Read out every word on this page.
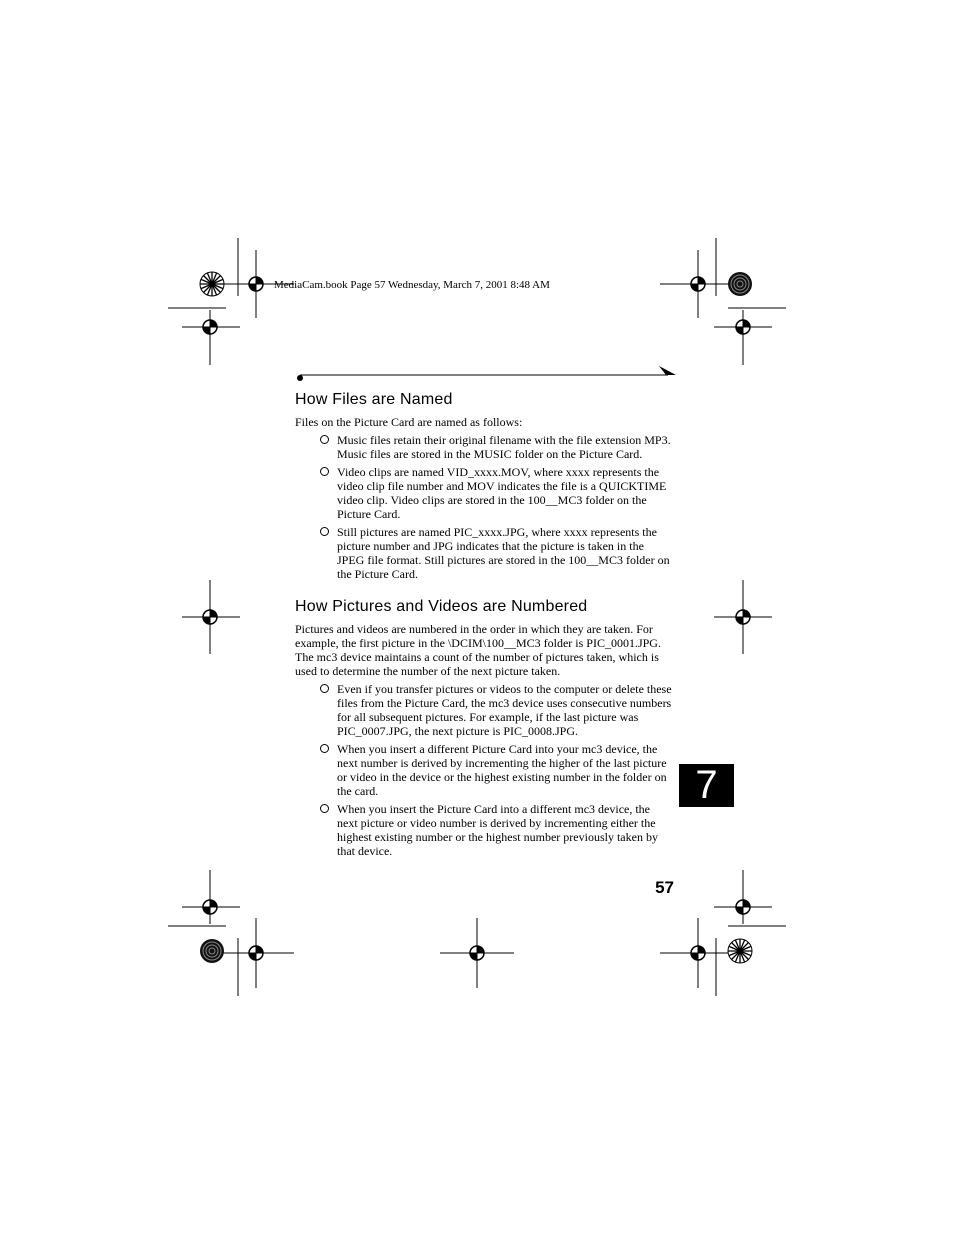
MediaCam.book Page 57 Wednesday, March 7, 2001 8:48 AM
How Files are Named

Files on the Picture Card are named as follows:

Music files retain their original filename with the file extension MP3. Music files are stored in the MUSIC folder on the Picture Card.
Video clips are named VID_xxxx.MOV, where xxxx represents the video clip file number and MOV indicates the file is a QUICKTIME video clip. Video clips are stored in the 100__MC3 folder on the Picture Card.
Still pictures are named PIC_xxxx.JPG, where xxxx represents the picture number and JPG indicates that the picture is taken in the JPEG file format. Still pictures are stored in the 100__MC3 folder on the Picture Card.
How Pictures and Videos are Numbered

Pictures and videos are numbered in the order in which they are taken. For example, the first picture in the \DCIM\100__MC3 folder is PIC_0001.JPG. The mc3 device maintains a count of the number of pictures taken, which is used to determine the number of the next picture taken.

Even if you transfer pictures or videos to the computer or delete these files from the Picture Card, the mc3 device uses consecutive numbers for all subsequent pictures. For example, if the last picture was PIC_0007.JPG, the next picture is PIC_0008.JPG.
When you insert a different Picture Card into your mc3 device, the next number is derived by incrementing the higher of the last picture or video in the device or the highest existing number in the folder on the card.
When you insert the Picture Card into a different mc3 device, the next picture or video number is derived by incrementing either the highest existing number or the highest number previously taken by that device.
7
57
